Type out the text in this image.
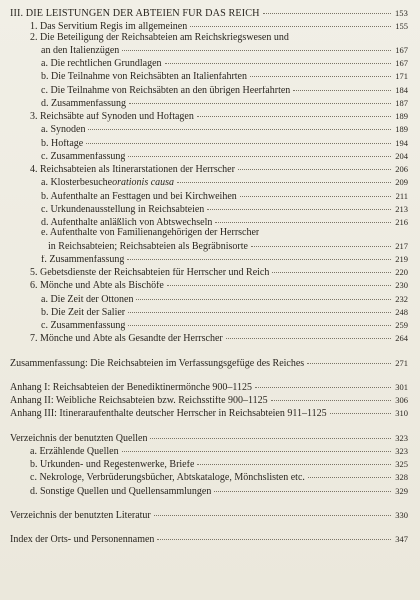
III. DIE LEISTUNGEN DER ABTEIEN FÜR DAS REICH	153
1. Das Servitium Regis im allgemeinen	155
2. Die Beteiligung der Reichsabteien am Reichskriegswesen und
an den Italienzügen	167
a. Die rechtlichen Grundlagen	167
b. Die Teilnahme von Reichsäbten an Italienfahrten	171
c. Die Teilnahme von Reichsäbten an den übrigen Heerfahrten	184
d. Zusammenfassung	187
3. Reichsäbte auf Synoden und Hoftagen	189
a. Synoden	189
b. Hoftage	194
c. Zusammenfassung	204
4. Reichsabteien als Itinerarstationen der Herrscher	206
a. Klosterbesuche orationis causa	209
b. Aufenthalte an Festtagen und bei Kirchweihen	211
c. Urkundenausstellung in Reichsabteien	213
d. Aufenthalte anläßlich von Abtswechseln	216
e. Aufenthalte von Familienangehörigen der Herrscher
in Reichsabteien; Reichsabteien als Begräbnisorte	217
f. Zusammenfassung	219
5. Gebetsdienste der Reichsabteien für Herrscher und Reich	220
6. Mönche und Äbte als Bischöfe	230
a. Die Zeit der Ottonen	232
b. Die Zeit der Salier	248
c. Zusammenfassung	259
7. Mönche und Äbte als Gesandte der Herrscher	264
Zusammenfassung: Die Reichsabteien im Verfassungsgefüge des Reiches	271
Anhang I: Reichsabteien der Benediktinermönche 900–1125	301
Anhang II: Weibliche Reichsabteien bzw. Reichsstifte 900–1125	306
Anhang III: Itineraraufenthalte deutscher Herrscher in Reichsabteien 911–1125	310
Verzeichnis der benutzten Quellen	323
a. Erzählende Quellen	323
b. Urkunden- und Regestenwerke, Briefe	325
c. Nekrologe, Verbrüderungsbücher, Abtskataloge, Mönchslisten etc.	328
d. Sonstige Quellen und Quellensammlungen	329
Verzeichnis der benutzten Literatur	330
Index der Orts- und Personennamen	347
